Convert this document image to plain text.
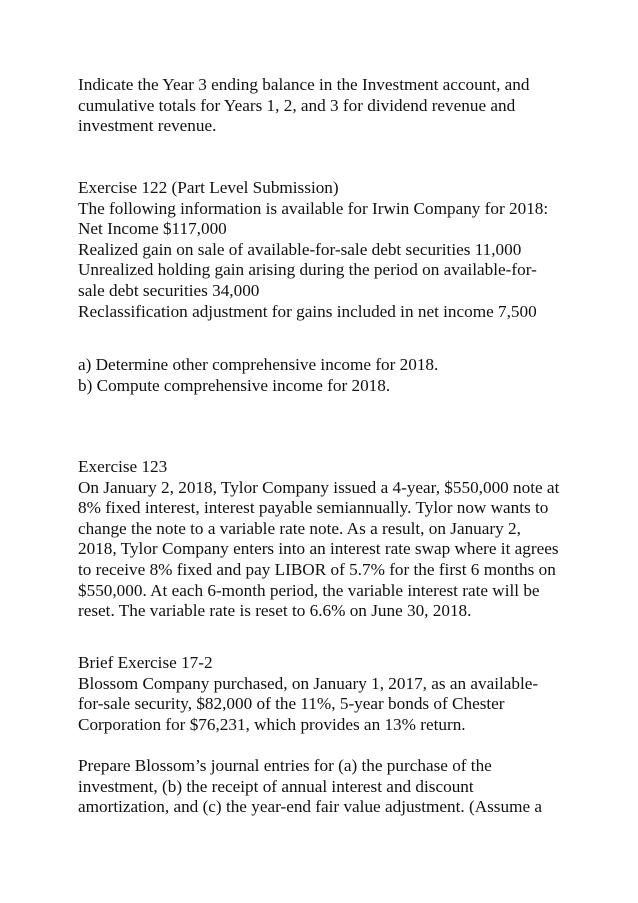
Indicate the Year 3 ending balance in the Investment account, and
cumulative totals for Years 1, 2, and 3 for dividend revenue and
investment revenue.
Exercise 122 (Part Level Submission)
The following information is available for Irwin Company for 2018:
Net Income $117,000
Realized gain on sale of available-for-sale debt securities 11,000
Unrealized holding gain arising during the period on available-for-
sale debt securities 34,000
Reclassification adjustment for gains included in net income 7,500
a) Determine other comprehensive income for 2018.
b) Compute comprehensive income for 2018.
Exercise 123
On January 2, 2018, Tylor Company issued a 4-year, $550,000 note at
8% fixed interest, interest payable semiannually. Tylor now wants to
change the note to a variable rate note. As a result, on January 2,
2018, Tylor Company enters into an interest rate swap where it agrees
to receive 8% fixed and pay LIBOR of 5.7% for the first 6 months on
$550,000. At each 6-month period, the variable interest rate will be
reset. The variable rate is reset to 6.6% on June 30, 2018.
Brief Exercise 17-2
Blossom Company purchased, on January 1, 2017, as an available-
for-sale security, $82,000 of the 11%, 5-year bonds of Chester
Corporation for $76,231, which provides an 13% return.
Prepare Blossom’s journal entries for (a) the purchase of the
investment, (b) the receipt of annual interest and discount
amortization, and (c) the year-end fair value adjustment. (Assume a
